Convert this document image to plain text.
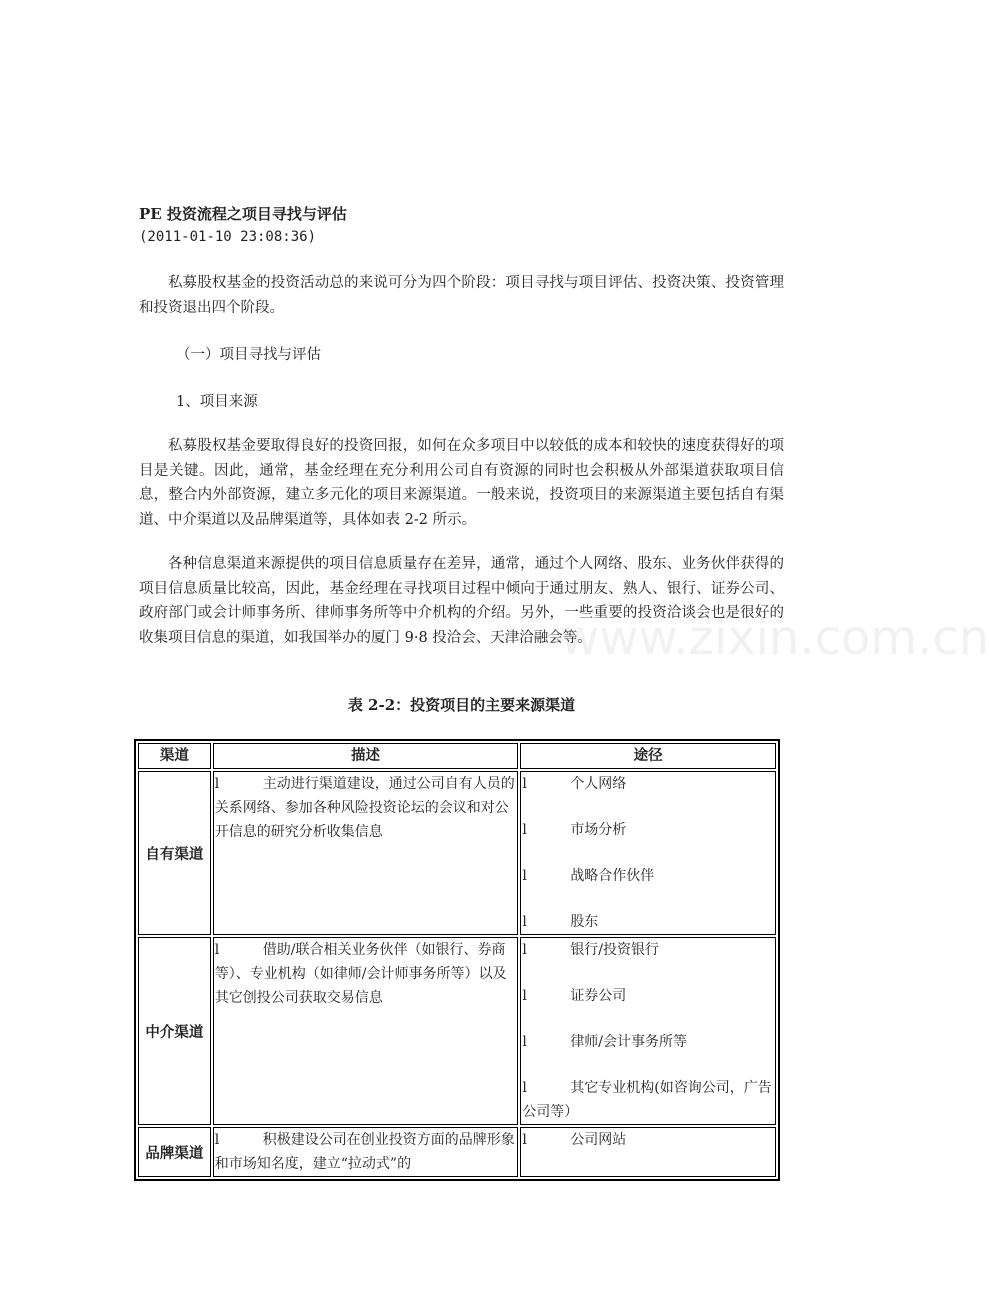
www.zixin.com.cn
PE 投资流程之项目寻找与评估
(2011-01-10 23:08:36)
私募股权基金的投资活动总的来说可分为四个阶段：项目寻找与项目评估、投资决策、投资管理和投资退出四个阶段。
（一）项目寻找与评估
1、项目来源
私募股权基金要取得良好的投资回报，如何在众多项目中以较低的成本和较快的速度获得好的项目是关键。因此，通常，基金经理在充分利用公司自有资源的同时也会积极从外部渠道获取项目信息，整合内外部资源，建立多元化的项目来源渠道。一般来说，投资项目的来源渠道主要包括自有渠道、中介渠道以及品牌渠道等，具体如表 2-2 所示。
各种信息渠道来源提供的项目信息质量存在差异，通常，通过个人网络、股东、业务伙伴获得的项目信息质量比较高，因此，基金经理在寻找项目过程中倾向于通过朋友、熟人、银行、证券公司、政府部门或会计师事务所、律师事务所等中介机构的介绍。另外，一些重要的投资洽谈会也是很好的收集项目信息的渠道，如我国举办的厦门 9·8 投洽会、天津洽融会等。
表 2-2：投资项目的主要来源渠道
渠道	描述	途径
自有渠道	l 主动进行渠道建设，通过公司自有人员的关系网络、参加各种风险投资论坛的会议和对公开信息的研究分析收集信息	l 个人网络

l 市场分析

l 战略合作伙伴

l 股东

中介渠道	l 借助/联合相关业务伙伴（如银行、券商等）、专业机构（如律师/会计师事务所等）以及其它创投公司获取交易信息	l 银行/投资银行

l 证券公司

l 律师/会计事务所等

l 其它专业机构(如咨询公司，广告公司等）

品牌渠道	l 积极建设公司在创业投资方面的品牌形象和市场知名度，建立“拉动式”的	l 公司网站
